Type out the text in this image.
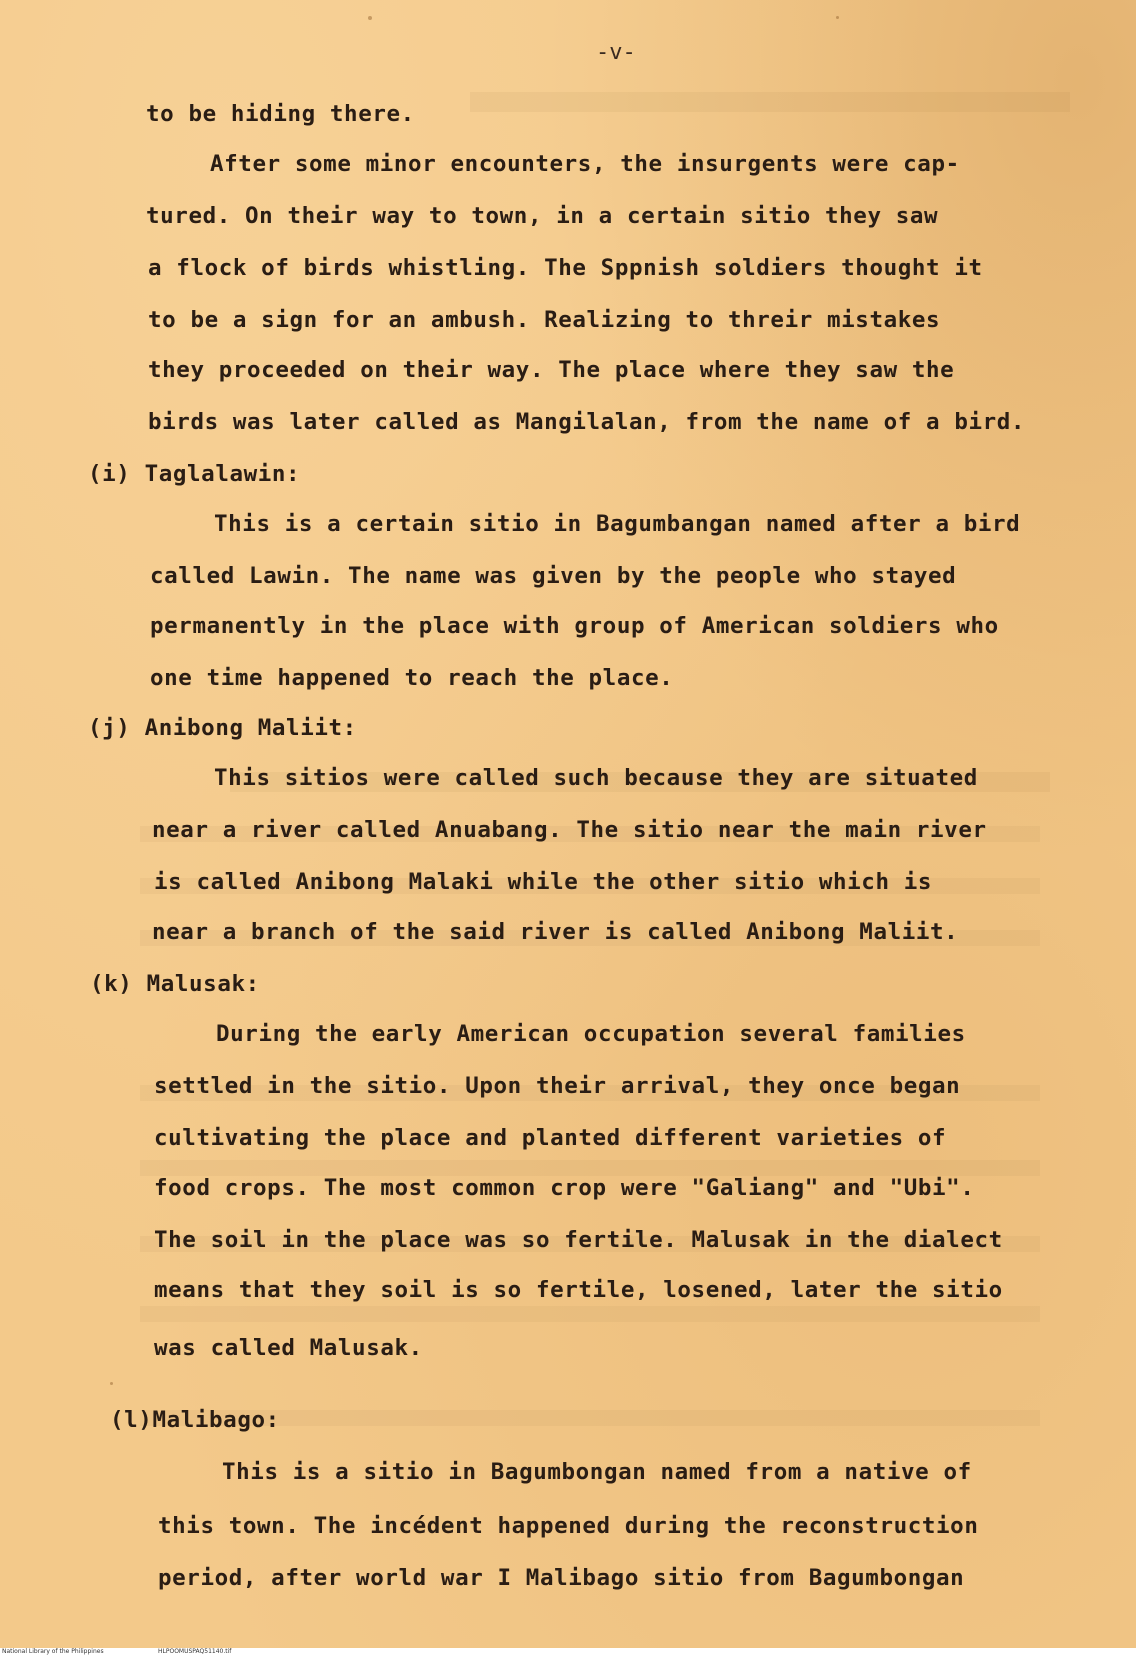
-v-
to be hiding there.
After some minor encounters, the insurgents were cap-
tured. On their way to town, in a certain sitio they saw
a flock of birds whistling. The Sppnish soldiers thought it
to be a sign for an ambush. Realizing to threir mistakes
they proceeded on their way. The place where they saw the
birds was later called as Mangilalan, from the name of a bird.
(i) Taglalawin:
This is a certain sitio in Bagumbangan named after a bird
called Lawin. The name was given by the people who stayed
permanently in the place with group of American soldiers who
one time happened to reach the place.
(j) Anibong Maliit:
This sitios were called such because they are situated
near a river called Anuabang. The sitio near the main river
is called Anibong Malaki while the other sitio which is
near a branch of the said river is called Anibong Maliit.
(k) Malusak:
During the early American occupation several families
settled in the sitio. Upon their arrival, they once began
cultivating the place and planted different varieties of
food crops. The most common crop were "Galiang" and "Ubi".
The soil in the place was so fertile. Malusak in the dialect
means that they soil is so fertile, losened, later the sitio
was called Malusak.
(l)Malibago:
This is a sitio in Bagumbongan named from a native of
this town. The incédent happened during the reconstruction
period, after world war I Malibago sitio from Bagumbongan
National Library of the Philippines	HLPOOMUSPAQ51140.tif
